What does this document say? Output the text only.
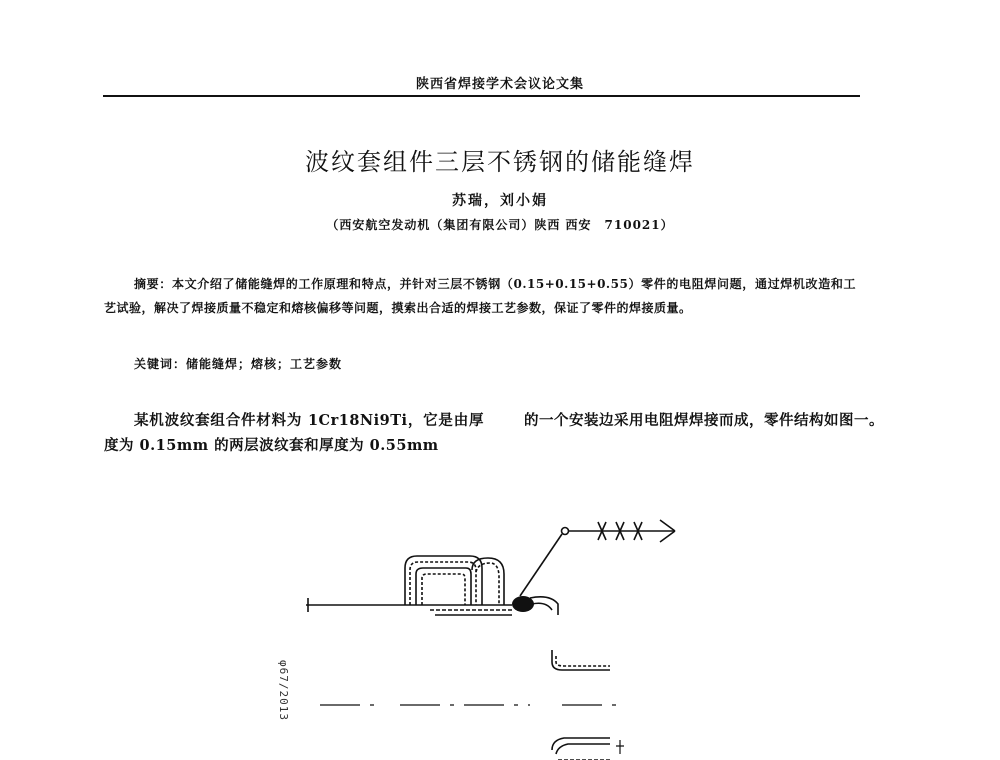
陕西省焊接学术会议论文集
波纹套组件三层不锈钢的储能缝焊
苏瑞，刘小娟
（西安航空发动机（集团有限公司）陕西 西安　710021）
摘要：本文介绍了储能缝焊的工作原理和特点，并针对三层不锈钢（0.15+0.15+0.55）零件的电阻焊问题，通过焊机改造和工艺试验，解决了焊接质量不稳定和熔核偏移等问题，摸索出合适的焊接工艺参数，保证了零件的焊接质量。
关键词：储能缝焊；熔核；工艺参数
某机波纹套组合件材料为 1Cr18Ni9Ti，它是由厚度为 0.15mm 的两层波纹套和厚度为 0.55mm
的一个安装边采用电阻焊焊接而成，零件结构如图一。
φ67/2013
